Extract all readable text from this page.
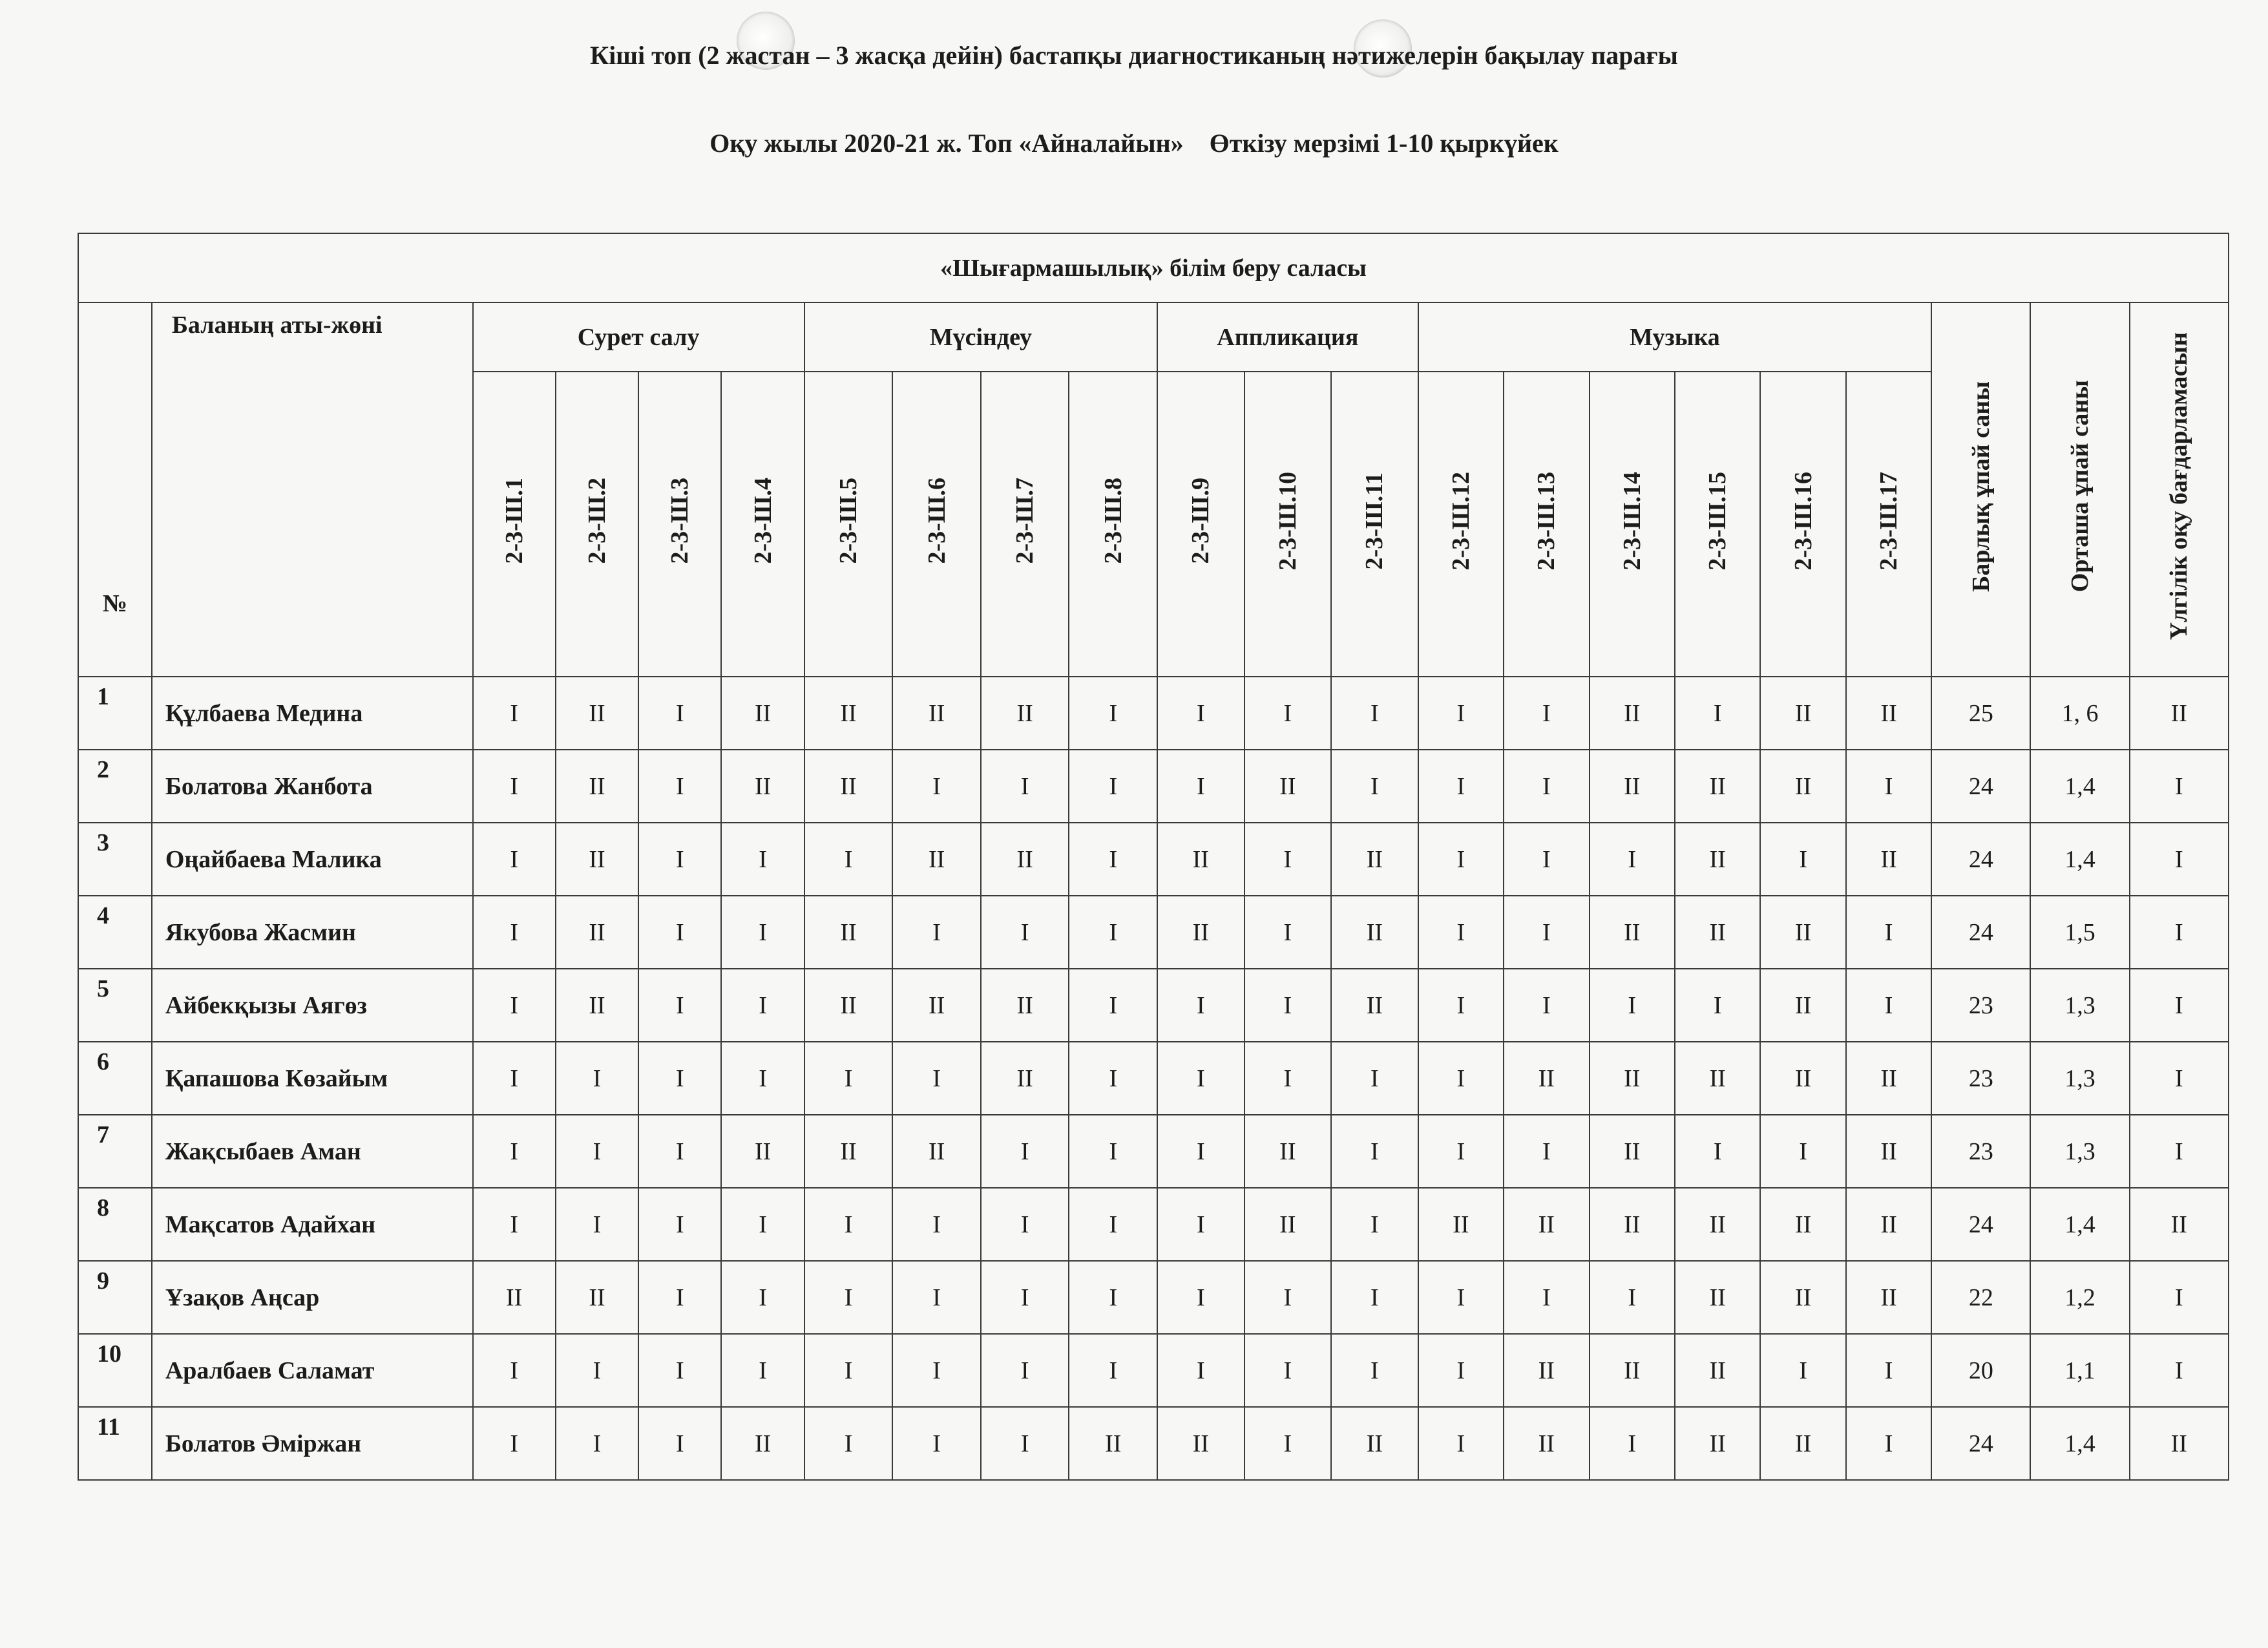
Кіші топ (2 жастан – 3 жасқа дейін) бастапқы диагностиканың нәтижелерін бақылау парағы
Оқу жылы 2020-21 ж. Топ «Айналайын»    Өткізу мерзімі 1-10 қыркүйек
«Шығармашылық» білім беру саласы																					
№	Баланың аты-жөні	Сурет салу				Мүсіндеу				Аппликация			Музыка						Барлық ұпай саны	Орташа ұпай саны	Үлгілік оқу бағдарламасын
		2-3-Ш.1	2-3-Ш.2	2-3-Ш.3	2-3-Ш.4	2-3-Ш.5	2-3-Ш.6	2-3-Ш.7	2-3-Ш.8	2-3-Ш.9	2-3-Ш.10	2-3-Ш.11	2-3-Ш.12	2-3-Ш.13	2-3-Ш.14	2-3-Ш.15	2-3-Ш.16	2-3-Ш.17			
1	Құлбаева Медина	I	II	I	II	II	II	II	I	I	I	I	I	I	II	I	II	II	25	1, 6	II
2	Болатова Жанбота	I	II	I	II	II	I	I	I	I	II	I	I	I	II	II	II	I	24	1,4	I
3	Оңайбаева Малика	I	II	I	I	I	II	II	I	II	I	II	I	I	I	II	I	II	24	1,4	I
4	Якубова Жасмин	I	II	I	I	II	I	I	I	II	I	II	I	I	II	II	II	I	24	1,5	I
5	Айбекқызы Аягөз	I	II	I	I	II	II	II	I	I	I	II	I	I	I	I	II	I	23	1,3	I
6	Қапашова Көзайым	I	I	I	I	I	I	II	I	I	I	I	I	II	II	II	II	II	23	1,3	I
7	Жақсыбаев Аман	I	I	I	II	II	II	I	I	I	II	I	I	I	II	I	I	II	23	1,3	I
8	Мақсатов Адайхан	I	I	I	I	I	I	I	I	I	II	I	II	II	II	II	II	II	24	1,4	II
9	Ұзақов Аңсар	II	II	I	I	I	I	I	I	I	I	I	I	I	I	II	II	II	22	1,2	I
10	Аралбаев Саламат	I	I	I	I	I	I	I	I	I	I	I	I	II	II	II	I	I	20	1,1	I
11	Болатов Әміржан	I	I	I	II	I	I	I	II	II	I	II	I	II	I	II	II	I	24	1,4	II
